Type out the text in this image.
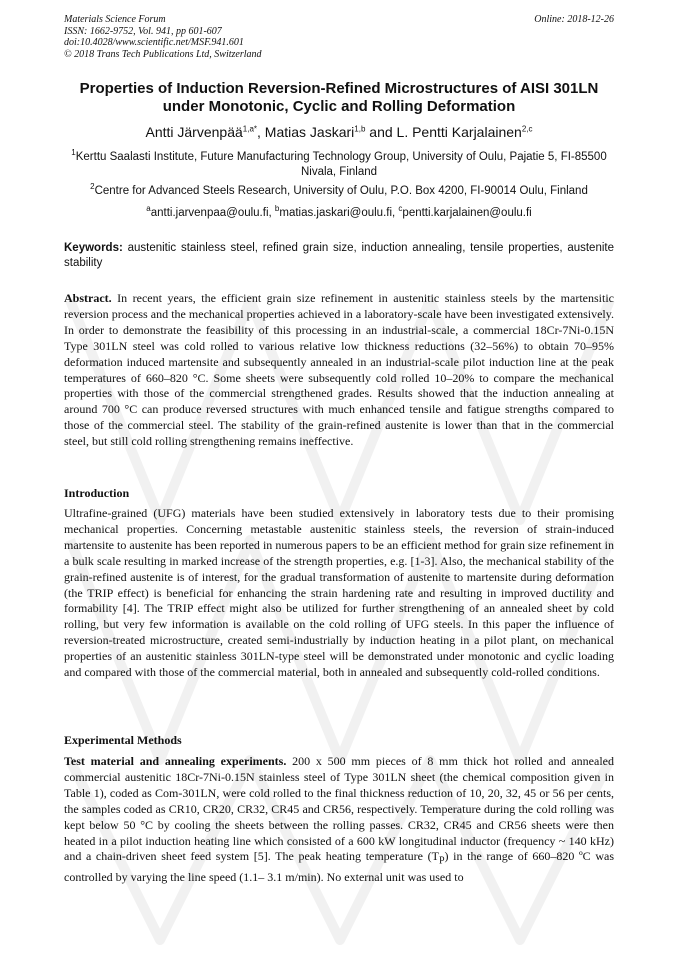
Materials Science Forum
ISSN: 1662-9752, Vol. 941, pp 601-607
doi:10.4028/www.scientific.net/MSF.941.601
© 2018 Trans Tech Publications Ltd, Switzerland
Online: 2018-12-26
Properties of Induction Reversion-Refined Microstructures of AISI 301LN under Monotonic, Cyclic and Rolling Deformation
Antti Järvenpää$^{1,a*}$, Matias Jaskari$^{1,b}$ and L. Pentti Karjalainen$^{2,c}$
$^1$Kerttu Saalasti Institute, Future Manufacturing Technology Group, University of Oulu, Pajatie 5, FI-85500 Nivala, Finland
$^2$Centre for Advanced Steels Research, University of Oulu, P.O. Box 4200, FI-90014 Oulu, Finland
$^a$antti.jarvenpaa@oulu.fi, $^b$matias.jaskari@oulu.fi, $^c$pentti.karjalainen@oulu.fi
Keywords: austenitic stainless steel, refined grain size, induction annealing, tensile properties, austenite stability
Abstract. In recent years, the efficient grain size refinement in austenitic stainless steels by the martensitic reversion process and the mechanical properties achieved in a laboratory-scale have been investigated extensively. In order to demonstrate the feasibility of this processing in an industrial-scale, a commercial 18Cr-7Ni-0.15N Type 301LN steel was cold rolled to various relative low thickness reductions (32–56%) to obtain 70–95% deformation induced martensite and subsequently annealed in an industrial-scale pilot induction line at the peak temperatures of 660–820 °C. Some sheets were subsequently cold rolled 10–20% to compare the mechanical properties with those of the commercial strengthened grades. Results showed that the induction annealing at around 700 °C can produce reversed structures with much enhanced tensile and fatigue strengths compared to those of the commercial steel. The stability of the grain-refined austenite is lower than that in the commercial steel, but still cold rolling strengthening remains ineffective.
Introduction
Ultrafine-grained (UFG) materials have been studied extensively in laboratory tests due to their promising mechanical properties. Concerning metastable austenitic stainless steels, the reversion of strain-induced martensite to austenite has been reported in numerous papers to be an efficient method for grain size refinement in a bulk scale resulting in marked increase of the strength properties, e.g. [1-3]. Also, the mechanical stability of the grain-refined austenite is of interest, for the gradual transformation of austenite to martensite during deformation (the TRIP effect) is beneficial for enhancing the strain hardening rate and resulting in improved ductility and formability [4]. The TRIP effect might also be utilized for further strengthening of an annealed sheet by cold rolling, but very few information is available on the cold rolling of UFG steels. In this paper the influence of reversion-treated microstructure, created semi-industrially by induction heating in a pilot plant, on mechanical properties of an austenitic stainless 301LN-type steel will be demonstrated under monotonic and cyclic loading and compared with those of the commercial material, both in annealed and subsequently cold-rolled conditions.
Experimental Methods
Test material and annealing experiments. 200 x 500 mm pieces of 8 mm thick hot rolled and annealed commercial austenitic 18Cr-7Ni-0.15N stainless steel of Type 301LN sheet (the chemical composition given in Table 1), coded as Com-301LN, were cold rolled to the final thickness reduction of 10, 20, 32, 45 or 56 per cents, the samples coded as CR10, CR20, CR32, CR45 and CR56, respectively. Temperature during the cold rolling was kept below 50 °C by cooling the sheets between the rolling passes. CR32, CR45 and CR56 sheets were then heated in a pilot induction heating line which consisted of a 600 kW longitudinal inductor (frequency ~ 140 kHz) and a chain-driven sheet feed system [5]. The peak heating temperature $(T_P)$ in the range of 660–820 ºC was controlled by varying the line speed (1.1– 3.1 m/min). No external unit was used to
